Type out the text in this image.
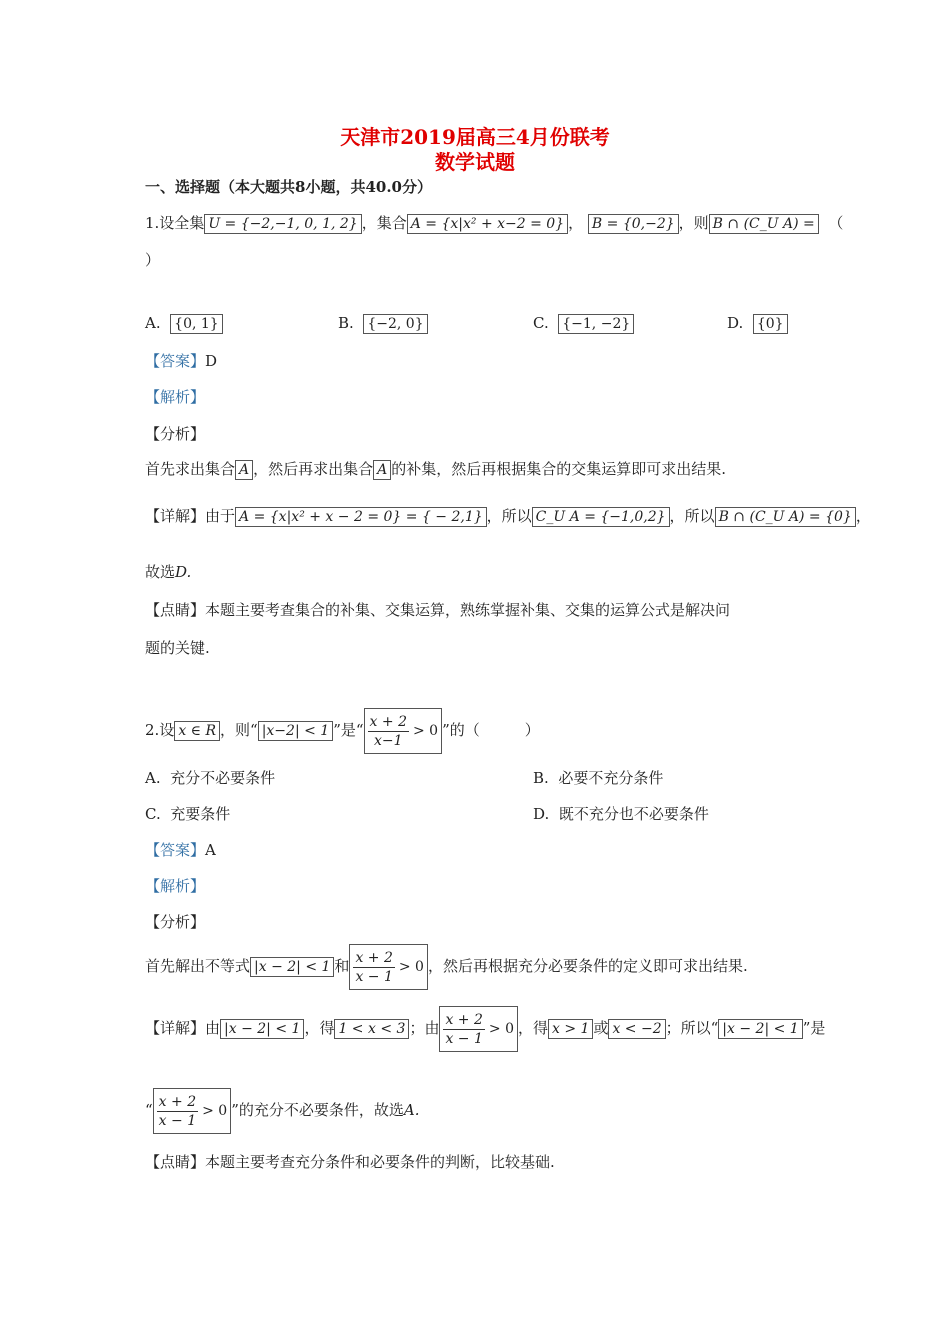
天津市2019届高三4月份联考
数学试题
一、选择题（本大题共8小题，共40.0分）
1.设全集 U = {−2,−1, 0, 1, 2} ，集合 A = {x|x² + x−2 = 0} ， B = {0,−2} ，则 B ∩ (C_U A) = （
）
A. {0, 1}	B. {−2, 0}	C. {−1, −2}	D. {0}
【答案】D
【解析】
【分析】
首先求出集合 A ，然后再求出集合 A 的补集，然后再根据集合的交集运算即可求出结果.
【详解】由于 A = {x|x² + x − 2 = 0} = { − 2,1} ，所以 C_U A = {−1,0,2} ，所以 B ∩ (C_U A) = {0} ，
故选D.
【点睛】本题主要考查集合的补集、交集运算，熟练掌握补集、交集的运算公式是解决问
题的关键.
2.设 x ∈ R ，则“ |x−2| < 1 ”是“ $\frac{x + 2}{x-1} > 0$ ”的（　　　）
A. 充分不必要条件	B. 必要不充分条件
C. 充要条件	D. 既不充分也不必要条件
【答案】A
【解析】
【分析】
首先解出不等式 |x − 2| < 1 和 $\frac{x + 2}{x - 1} > 0$ ，然后再根据充分必要条件的定义即可求出结果.
【详解】由 |x − 2| < 1 ，得 1 < x < 3 ；由 $\frac{x + 2}{x - 1} > 0$ ，得 x > 1 或 x < −2 ；所以“ |x − 2| < 1 ”是
“ $\frac{x + 2}{x - 1} > 0$ ”的充分不必要条件，故选A.
【点睛】本题主要考查充分条件和必要条件的判断，比较基础.
